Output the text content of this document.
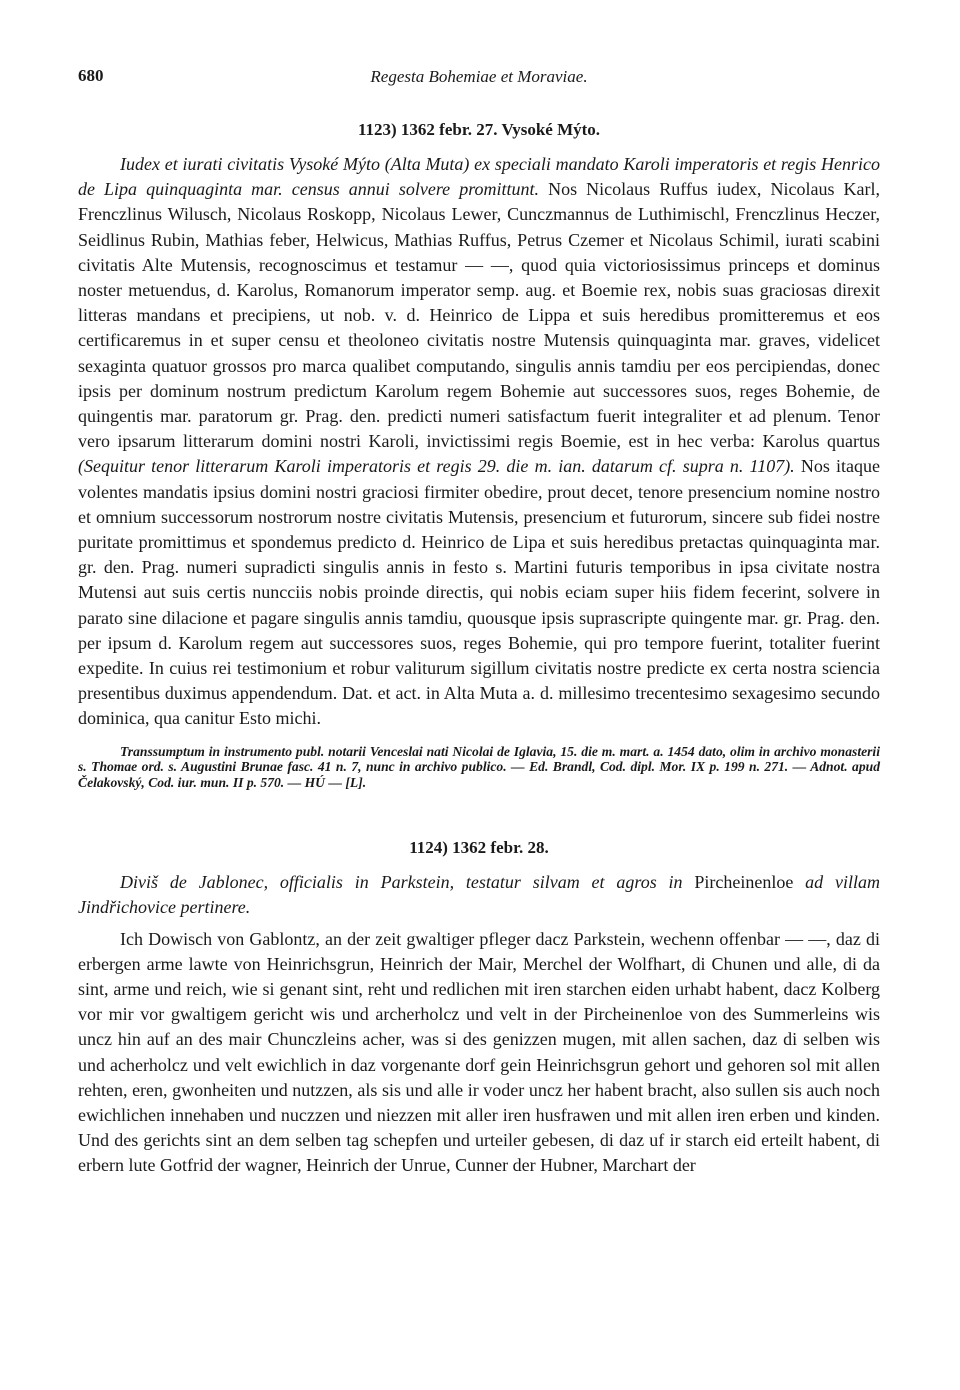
680	Regesta Bohemiae et Moraviae.
1123) 1362 febr. 27. Vysoké Mýto.

Iudex et iurati civitatis Vysoké Mýto (Alta Muta) ex speciali mandato Karoli imperatoris et regis Henrico de Lipa quinquaginta mar. census annui solvere promittunt. Nos Nicolaus Ruffus iudex, Nicolaus Karl, Frenczlinus Wilusch, Nicolaus Roskopp, Nicolaus Lewer, Cunczmannus de Luthimischl, Frenczlinus Heczer, Seidlinus Rubin, Mathias feber, Helwicus, Mathias Ruffus, Petrus Czemer et Nicolaus Schimil, iurati scabini civitatis Alte Mutensis, recognoscimus et testamur — —, quod quia victoriosissimus princeps et dominus noster metuendus, d. Karolus, Romanorum imperator semp. aug. et Boemie rex, nobis suas graciosas direxit litteras mandans et precipiens, ut nob. v. d. Heinrico de Lippa et suis heredibus promitteremus et eos certificaremus in et super censu et theoloneo civitatis nostre Mutensis quinquaginta mar. graves, videlicet sexaginta quatuor grossos pro marca qualibet computando, singulis annis tamdiu per eos percipiendas, donec ipsis per dominum nostrum predictum Karolum regem Bohemie aut successores suos, reges Bohemie, de quingentis mar. paratorum gr. Prag. den. predicti numeri satisfactum fuerit integraliter et ad plenum. Tenor vero ipsarum litterarum domini nostri Karoli, invictissimi regis Boemie, est in hec verba: Karolus quartus (Sequitur tenor litterarum Karoli imperatoris et regis 29. die m. ian. datarum cf. supra n. 1107). Nos itaque volentes mandatis ipsius domini nostri graciosi firmiter obedire, prout decet, tenore presencium nomine nostro et omnium successorum nostrorum nostre civitatis Mutensis, presencium et futurorum, sincere sub fidei nostre puritate promittimus et spondemus predicto d. Heinrico de Lipa et suis heredibus pretactas quinquaginta mar. gr. den. Prag. numeri supradicti singulis annis in festo s. Martini futuris temporibus in ipsa civitate nostra Mutensi aut suis certis nuncciis nobis proinde directis, qui nobis eciam super hiis fidem fecerint, solvere in parato sine dilacione et pagare singulis annis tamdiu, quousque ipsis suprascripte quingente mar. gr. Prag. den. per ipsum d. Karolum regem aut successores suos, reges Bohemie, qui pro tempore fuerint, totaliter fuerint expedite. In cuius rei testimonium et robur valiturum sigillum civitatis nostre predicte ex certa nostra sciencia presentibus duximus appendendum. Dat. et act. in Alta Muta a. d. millesimo trecentesimo sexagesimo secundo dominica, qua canitur Esto michi.

Transsumptum in instrumento publ. notarii Venceslai nati Nicolai de Iglavia, 15. die m. mart. a. 1454 dato, olim in archivo monasterii s. Thomae ord. s. Augustini Brunae fasc. 41 n. 7, nunc in archivo publico. — Ed. Brandl, Cod. dipl. Mor. IX p. 199 n. 271. — Adnot. apud Čelakovský, Cod. iur. mun. II p. 570. — HÚ — [L].

1124) 1362 febr. 28.

Diviš de Jablonec, officialis in Parkstein, testatur silvam et agros in Pircheinenloe ad villam Jindřichovice pertinere.

Ich Dowisch von Gablontz, an der zeit gwaltiger pfleger dacz Parkstein, wechenn offenbar — —, daz di erbergen arme lawte von Heinrichsgrun, Heinrich der Mair, Merchel der Wolfhart, di Chunen und alle, di da sint, arme und reich, wie si genant sint, reht und redlichen mit iren starchen eiden urhabt habent, dacz Kolberg vor mir vor gwaltigem gericht wis und archerholcz und velt in der Pircheinenloe von des Summerleins wis uncz hin auf an des mair Chunczleins acher, was si des genizzen mugen, mit allen sachen, daz di selben wis und acherholcz und velt ewichlich in daz vorgenante dorf gein Heinrichsgrun gehort und gehoren sol mit allen rehten, eren, gwonheiten und nutzzen, als sis und alle ir voder uncz her habent bracht, also sullen sis auch noch ewichlichen innehaben und nuczzen und niezzen mit aller iren husfrawen und mit allen iren erben und kinden. Und des gerichts sint an dem selben tag schepfen und urteiler gebesen, di daz uf ir starch eid erteilt habent, di erbern lute Gotfrid der wagner, Heinrich der Unrue, Cunner der Hubner, Marchart der
